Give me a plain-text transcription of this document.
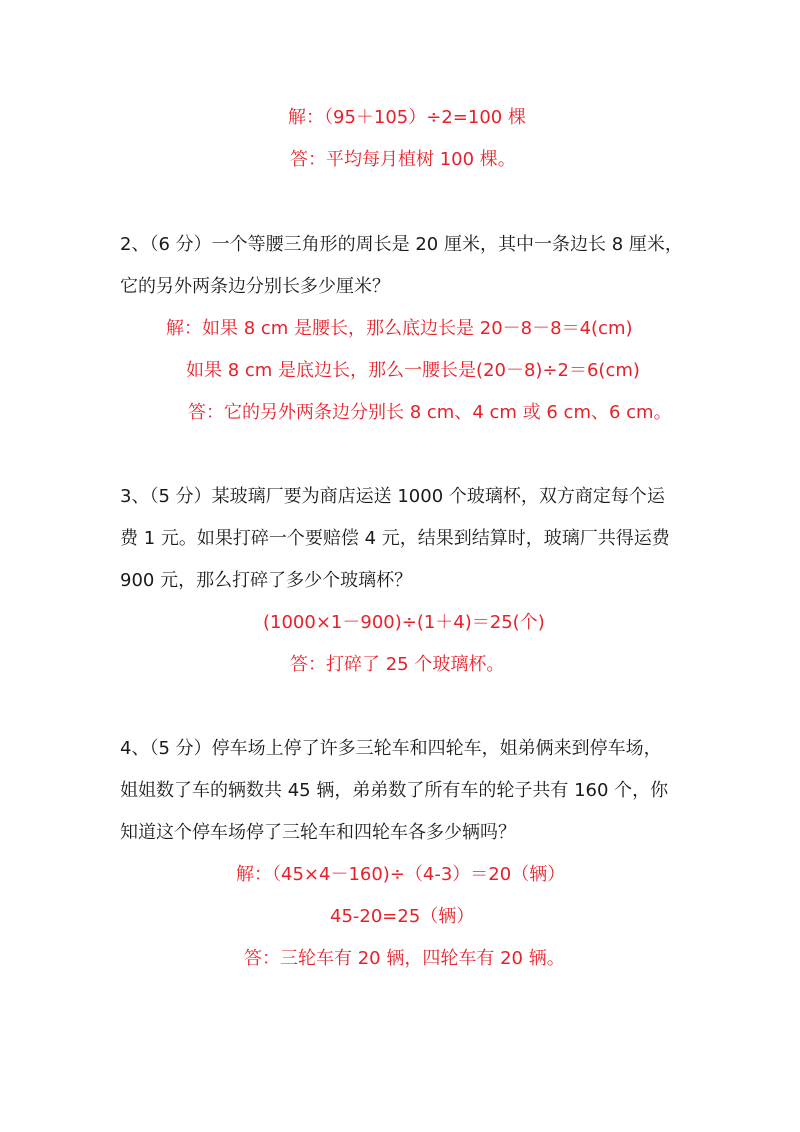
解：（95＋105）÷2=100 棵
答：平均每月植树 100 棵。
2、（6 分）一个等腰三角形的周长是 20 厘米，其中一条边长 8 厘米，
它的另外两条边分别长多少厘米？
解：如果 8 cm 是腰长，那么底边长是 20－8－8＝4(cm)
如果 8 cm 是底边长，那么一腰长是(20－8)÷2＝6(cm)
答：它的另外两条边分别长 8 cm、4 cm 或 6 cm、6 cm。
3、（5 分）某玻璃厂要为商店运送 1000 个玻璃杯，双方商定每个运
费 1 元。如果打碎一个要赔偿 4 元，结果到结算时，玻璃厂共得运费
900 元，那么打碎了多少个玻璃杯？
(1000×1－900)÷(1＋4)＝25(个)
答：打碎了 25 个玻璃杯。
4、（5 分）停车场上停了许多三轮车和四轮车，姐弟俩来到停车场，
姐姐数了车的辆数共 45 辆，弟弟数了所有车的轮子共有 160 个，你
知道这个停车场停了三轮车和四轮车各多少辆吗？
解：（45×4－160)÷（4-3）＝20（辆）
45-20=25（辆）
答：三轮车有 20 辆，四轮车有 20 辆。
